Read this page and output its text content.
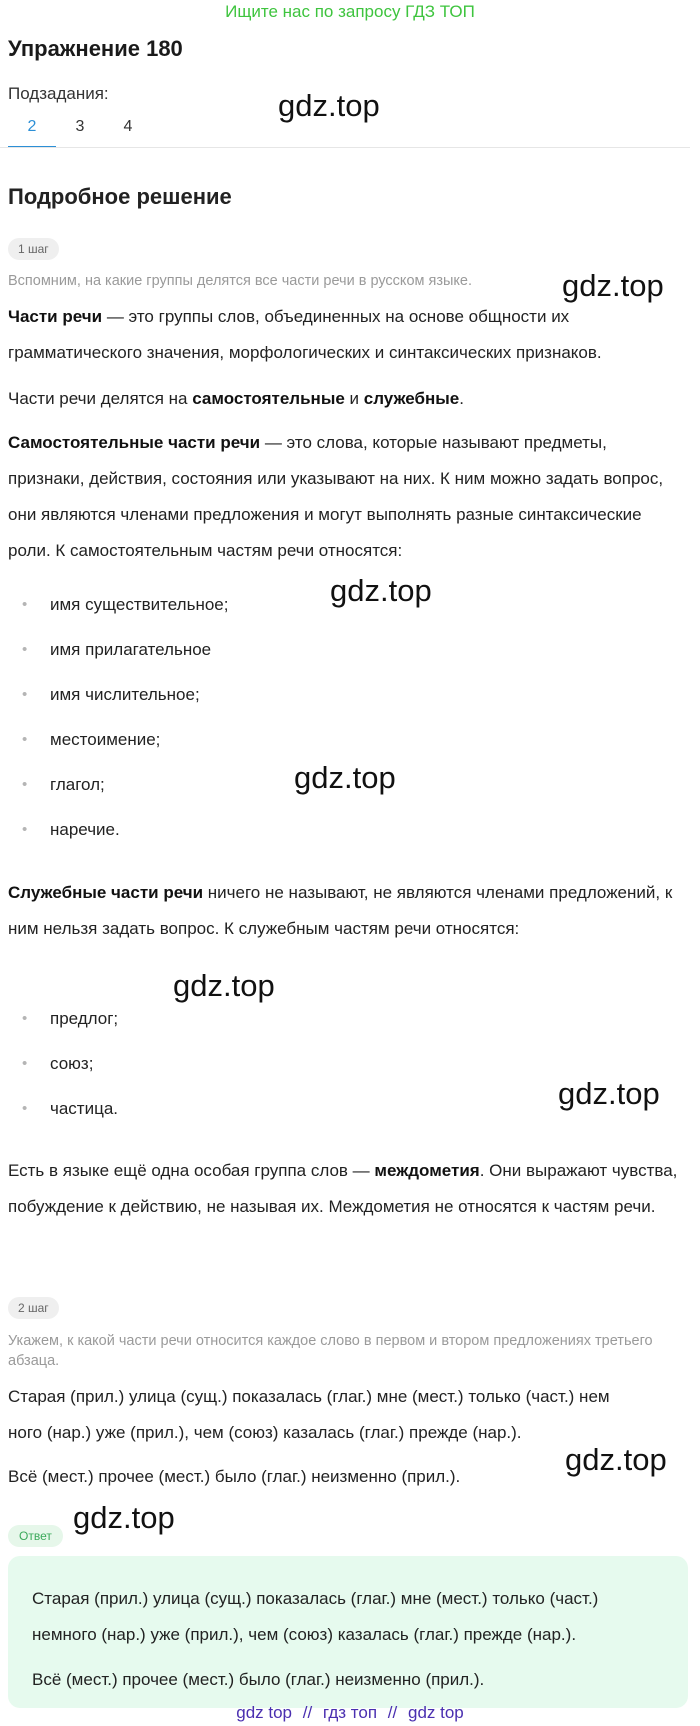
Ищите нас по запросу ГДЗ ТОП
Упражнение 180
Подзадания:
2	3	4
Подробное решение
1 шаг
Вспомним, на какие группы делятся все части речи в русском языке.
Части речи — это группы слов, объединенных на основе общности их грамматического значения, морфологических и синтаксических признаков.
Части речи делятся на самостоятельные и служебные.
Самостоятельные части речи — это слова, которые называют предметы, признаки, действия, состояния или указывают на них. К ним можно задать вопрос, они являются членами предложения и могут выполнять разные синтаксические роли. К самостоятельным частям речи относятся:
• имя существительное;
• имя прилагательное
• имя числительное;
• местоимение;
• глагол;
• наречие.
Служебные части речи ничего не называют, не являются членами предложений, к ним нельзя задать вопрос. К служебным частям речи относятся:
• предлог;
• союз;
• частица.
Есть в языке ещё одна особая группа слов — междометия. Они выражают чувства, побуждение к действию, не называя их. Междометия не относятся к частям речи.
2 шаг
Укажем, к какой части речи относится каждое слово в первом и втором предложениях третьего абзаца.
Старая (прил.) улица (сущ.) показалась (глаг.) мне (мест.) только (част.) нем
ного (нар.) уже (прил.), чем (союз) казалась (глаг.) прежде (нар.).
Всё (мест.) прочее (мест.) было (глаг.) неизменно (прил.).
Ответ
Старая (прил.) улица (сущ.) показалась (глаг.) мне (мест.) только (част.)
немного (нар.) уже (прил.), чем (союз) казалась (глаг.) прежде (нар.).
Всё (мест.) прочее (мест.) было (глаг.) неизменно (прил.).
gdz.top
gdz.top
gdz.top
gdz.top
gdz.top
gdz.top
gdz.top
gdz.top
gdz top // гдз топ // gdz top
